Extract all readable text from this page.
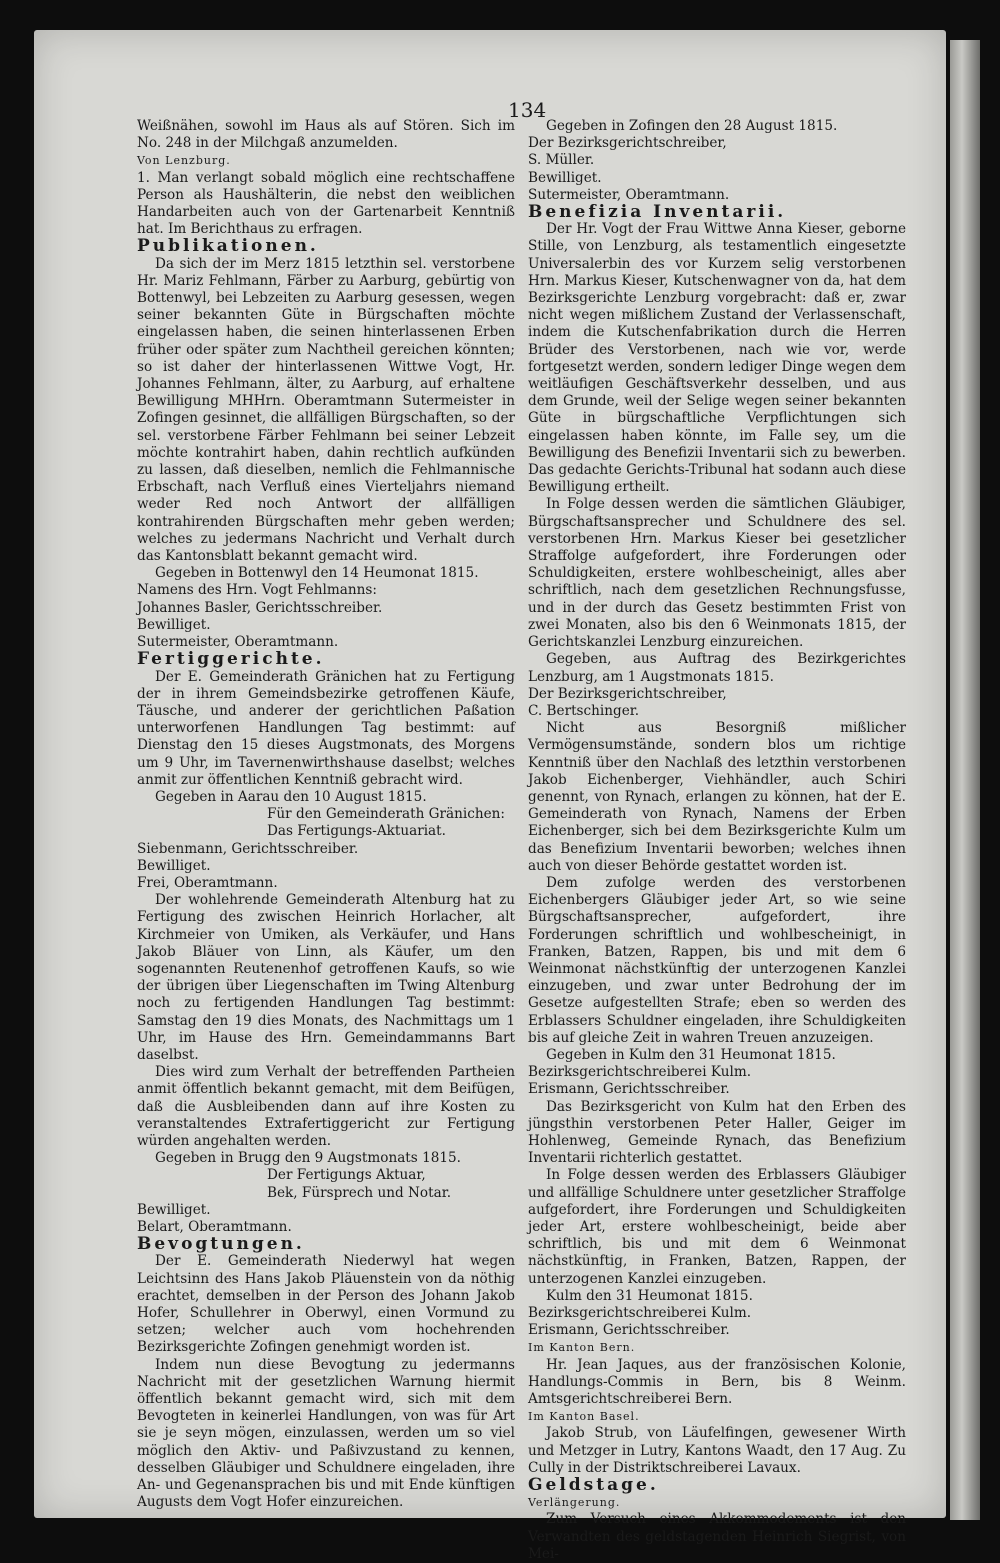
134

Weißnähen, sowohl im Haus als auf Stören. Sich im No. 248 in der Milchgaß anzumelden.

Von Lenzburg.

1. Man verlangt sobald möglich eine rechtschaffene Person als Haushälterin, die nebst den weiblichen Handarbeiten auch von der Gartenarbeit Kenntniß hat. Im Berichthaus zu erfragen.

Publikationen.

Da sich der im Merz 1815 letzthin sel. verstorbene Hr. Mariz Fehlmann, Färber zu Aarburg, gebürtig von Bottenwyl, bei Lebzeiten zu Aarburg gesessen, wegen seiner bekannten Güte in Bürgschaften möchte eingelassen haben, die seinen hinterlassenen Erben früher oder später zum Nachtheil gereichen könnten; so ist daher der hinterlassenen Wittwe Vogt, Hr. Johannes Fehlmann, älter, zu Aarburg, auf erhaltene Bewilligung MHHrn. Oberamtmann Sutermeister in Zofingen gesinnet, die allfälligen Bürgschaften, so der sel. verstorbene Färber Fehlmann bei seiner Lebzeit möchte kontrahirt haben, dahin rechtlich aufkünden zu lassen, daß dieselben, nemlich die Fehlmannische Erbschaft, nach Verfluß eines Vierteljahrs niemand weder Red noch Antwort der allfälligen kontrahirenden Bürgschaften mehr geben werden; welches zu jedermans Nachricht und Verhalt durch das Kantonsblatt bekannt gemacht wird.

Gegeben in Bottenwyl den 14 Heumonat 1815.

Namens des Hrn. Vogt Fehlmanns:

Johannes Basler, Gerichtsschreiber.

Bewilliget.

Sutermeister, Oberamtmann.

Fertiggerichte.

Der E. Gemeinderath Gränichen hat zu Fertigung der in ihrem Gemeindsbezirke getroffenen Käufe, Täusche, und anderer der gerichtlichen Paßation unterworfenen Handlungen Tag bestimmt: auf Dienstag den 15 dieses Augstmonats, des Morgens um 9 Uhr, im Tavernenwirthshause daselbst; welches anmit zur öffentlichen Kenntniß gebracht wird.

Gegeben in Aarau den 10 August 1815.

Für den Gemeinderath Gränichen:

Das Fertigungs-Aktuariat.

Siebenmann, Gerichtsschreiber.

Bewilliget.

Frei, Oberamtmann.

Der wohlehrende Gemeinderath Altenburg hat zu Fertigung des zwischen Heinrich Horlacher, alt Kirchmeier von Umiken, als Verkäufer, und Hans Jakob Bläuer von Linn, als Käufer, um den sogenannten Reutenenhof getroffenen Kaufs, so wie der übrigen über Liegenschaften im Twing Altenburg noch zu fertigenden Handlungen Tag bestimmt: Samstag den 19 dies Monats, des Nachmittags um 1 Uhr, im Hause des Hrn. Gemeindammanns Bart daselbst.

Dies wird zum Verhalt der betreffenden Partheien anmit öffentlich bekannt gemacht, mit dem Beifügen, daß die Ausbleibenden dann auf ihre Kosten zu veranstaltendes Extrafertiggericht zur Fertigung würden angehalten werden.

Gegeben in Brugg den 9 Augstmonats 1815.

Der Fertigungs Aktuar,

Bek, Fürsprech und Notar.

Bewilliget.

Belart, Oberamtmann.

Bevogtungen.

Der E. Gemeinderath Niederwyl hat wegen Leichtsinn des Hans Jakob Pläuenstein von da nöthig erachtet, demselben in der Person des Johann Jakob Hofer, Schullehrer in Oberwyl, einen Vormund zu setzen; welcher auch vom hochehrenden Bezirksgerichte Zofingen genehmigt worden ist.

Indem nun diese Bevogtung zu jedermanns Nachricht mit der gesetzlichen Warnung hiermit öffentlich bekannt gemacht wird, sich mit dem Bevogteten in keinerlei Handlungen, von was für Art sie je seyn mögen, einzulassen, werden um so viel möglich den Aktiv- und Paßivzustand zu kennen, desselben Gläubiger und Schuldnere eingeladen, ihre An- und Gegenansprachen bis und mit Ende künftigen Augusts dem Vogt Hofer einzureichen.

Gegeben in Zofingen den 28 August 1815.

Der Bezirksgerichtschreiber,

S. Müller.

Bewilliget.

Sutermeister, Oberamtmann.

Benefizia Inventarii.

Der Hr. Vogt der Frau Wittwe Anna Kieser, geborne Stille, von Lenzburg, als testamentlich eingesetzte Universalerbin des vor Kurzem selig verstorbenen Hrn. Markus Kieser, Kutschenwagner von da, hat dem Bezirksgerichte Lenzburg vorgebracht: daß er, zwar nicht wegen mißlichem Zustand der Verlassenschaft, indem die Kutschenfabrikation durch die Herren Brüder des Verstorbenen, nach wie vor, werde fortgesetzt werden, sondern lediger Dinge wegen dem weitläufigen Geschäftsverkehr desselben, und aus dem Grunde, weil der Selige wegen seiner bekannten Güte in bürgschaftliche Verpflichtungen sich eingelassen haben könnte, im Falle sey, um die Bewilligung des Benefizii Inventarii sich zu bewerben. Das gedachte Gerichts-Tribunal hat sodann auch diese Bewilligung ertheilt.

In Folge dessen werden die sämtlichen Gläubiger, Bürgschaftsansprecher und Schuldnere des sel. verstorbenen Hrn. Markus Kieser bei gesetzlicher Straffolge aufgefordert, ihre Forderungen oder Schuldigkeiten, erstere wohlbescheinigt, alles aber schriftlich, nach dem gesetzlichen Rechnungsfusse, und in der durch das Gesetz bestimmten Frist von zwei Monaten, also bis den 6 Weinmonats 1815, der Gerichtskanzlei Lenzburg einzureichen.

Gegeben, aus Auftrag des Bezirkgerichtes Lenzburg, am 1 Augstmonats 1815.

Der Bezirksgerichtschreiber,

C. Bertschinger.

Nicht aus Besorgniß mißlicher Vermögensumstände, sondern blos um richtige Kenntniß über den Nachlaß des letzthin verstorbenen Jakob Eichenberger, Viehhändler, auch Schiri genennt, von Rynach, erlangen zu können, hat der E. Gemeinderath von Rynach, Namens der Erben Eichenberger, sich bei dem Bezirksgerichte Kulm um das Benefizium Inventarii beworben; welches ihnen auch von dieser Behörde gestattet worden ist.

Dem zufolge werden des verstorbenen Eichenbergers Gläubiger jeder Art, so wie seine Bürgschaftsansprecher, aufgefordert, ihre Forderungen schriftlich und wohlbescheinigt, in Franken, Batzen, Rappen, bis und mit dem 6 Weinmonat nächstkünftig der unterzogenen Kanzlei einzugeben, und zwar unter Bedrohung der im Gesetze aufgestellten Strafe; eben so werden des Erblassers Schuldner eingeladen, ihre Schuldigkeiten bis auf gleiche Zeit in wahren Treuen anzuzeigen.

Gegeben in Kulm den 31 Heumonat 1815.

Bezirksgerichtschreiberei Kulm.

Erismann, Gerichtsschreiber.

Das Bezirksgericht von Kulm hat den Erben des jüngsthin verstorbenen Peter Haller, Geiger im Hohlenweg, Gemeinde Rynach, das Benefizium Inventarii richterlich gestattet.

In Folge dessen werden des Erblassers Gläubiger und allfällige Schuldnere unter gesetzlicher Straffolge aufgefordert, ihre Forderungen und Schuldigkeiten jeder Art, erstere wohlbescheinigt, beide aber schriftlich, bis und mit dem 6 Weinmonat nächstkünftig, in Franken, Batzen, Rappen, der unterzogenen Kanzlei einzugeben.

Kulm den 31 Heumonat 1815.

Bezirksgerichtschreiberei Kulm.

Erismann, Gerichtsschreiber.

Im Kanton Bern.

Hr. Jean Jaques, aus der französischen Kolonie, Handlungs-Commis in Bern, bis 8 Weinm. Amtsgerichtschreiberei Bern.

Im Kanton Basel.

Jakob Strub, von Läufelfingen, gewesener Wirth und Metzger in Lutry, Kantons Waadt, den 17 Aug. Zu Cully in der Distriktschreiberei Lavaux.

Geldstage.

Verlängerung.

Zum Versuch eines Akkommodements ist den Verwandten des geldstagenden Heinrich Siegrist, von Mei-
